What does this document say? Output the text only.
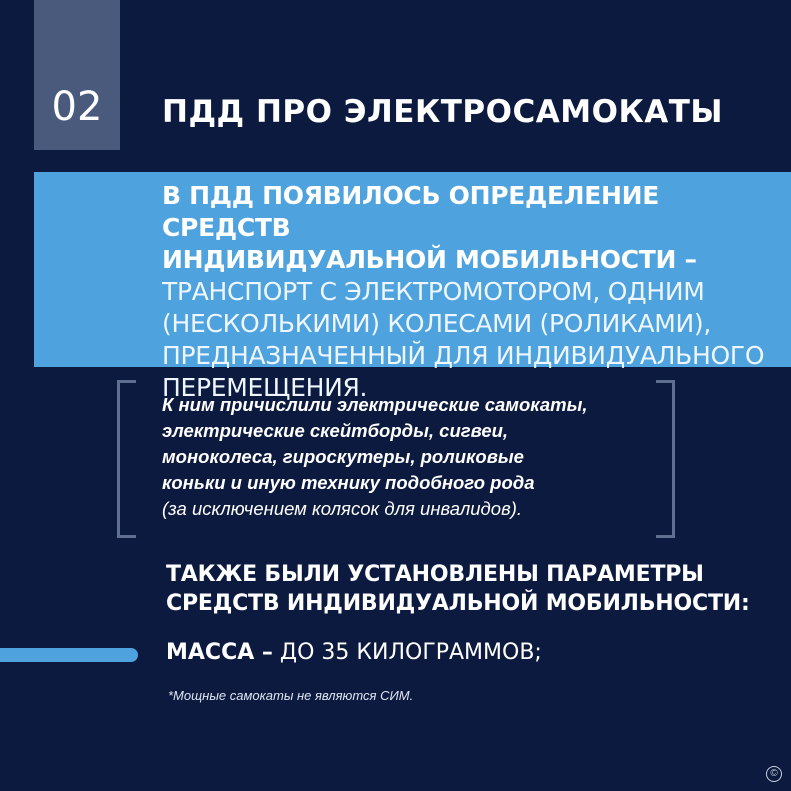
02	ПДД ПРО ЭЛЕКТРОСАМОКАТЫ
В ПДД ПОЯВИЛОСЬ ОПРЕДЕЛЕНИЕ СРЕДСТВ
ИНДИВИДУАЛЬНОЙ МОБИЛЬНОСТИ –
ТРАНСПОРТ С ЭЛЕКТРОМОТОРОМ, ОДНИМ
(НЕСКОЛЬКИМИ) КОЛЕСАМИ (РОЛИКАМИ),
ПРЕДНАЗНАЧЕННЫЙ ДЛЯ ИНДИВИДУАЛЬНОГО
ПЕРЕМЕЩЕНИЯ.
К ним причислили электрические самокаты,
электрические скейтборды, сигвеи,
моноколеса, гироскутеры, роликовые
коньки и иную технику подобного рода
(за исключением колясок для инвалидов).
ТАКЖЕ БЫЛИ УСТАНОВЛЕНЫ ПАРАМЕТРЫ
СРЕДСТВ ИНДИВИДУАЛЬНОЙ МОБИЛЬНОСТИ:
МАССА – ДО 35 КИЛОГРАММОВ;
*Мощные самокаты не являются СИМ.
©
